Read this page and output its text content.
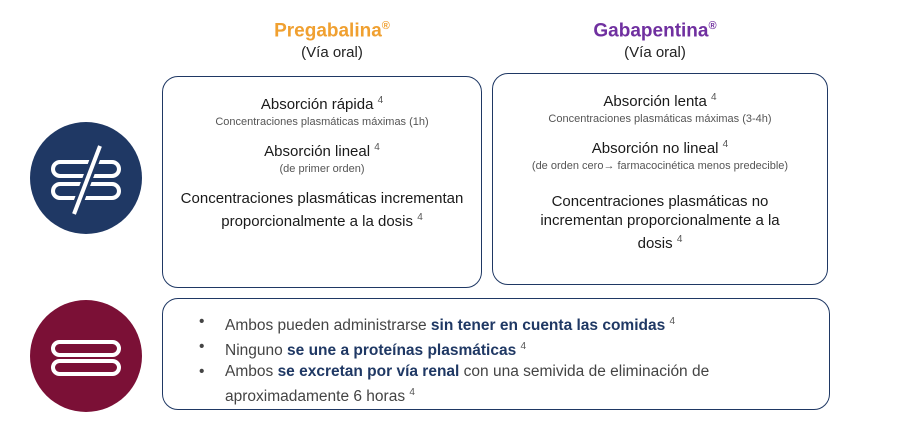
Pregabalina®
(Vía oral)
Gabapentina®
(Vía oral)
Absorción rápida $^4$
Concentraciones plasmáticas máximas (1h)
Absorción lineal $^4$
(de primer orden)
Concentraciones plasmáticas incrementan proporcionalmente a la dosis $^4$
Absorción lenta $^4$
Concentraciones plasmáticas máximas (3-4h)
Absorción no lineal $^4$
(de orden cero→ farmacocinética menos predecible)
Concentraciones plasmáticas no incrementan proporcionalmente a la dosis $^4$
• Ambos pueden administrarse sin tener en cuenta las comidas $^4$
• Ninguno se une a proteínas plasmáticas $^4$
• Ambos se excretan por vía renal con una semivida de eliminación de aproximadamente 6 horas $^4$
